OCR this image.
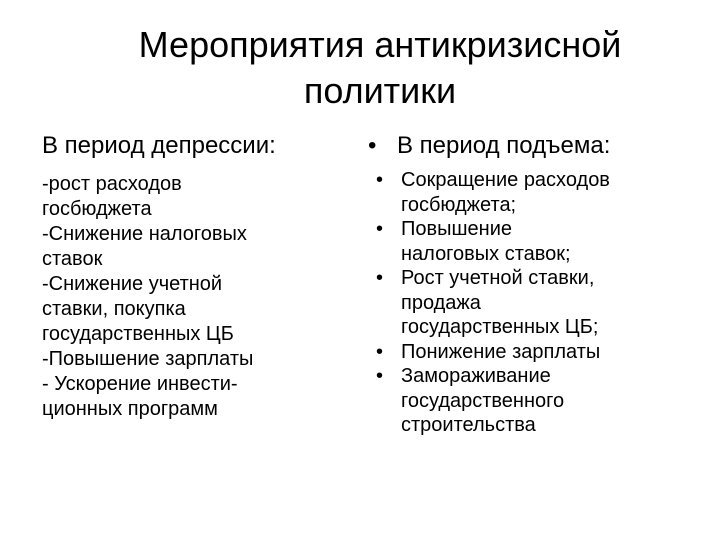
Мероприятия антикризисной
политики
В период депрессии:
-рост расходов
госбюджета
-Снижение налоговых
ставок
-Снижение учетной
ставки, покупка
государственных ЦБ
-Повышение зарплаты
- Ускорение инвести-
ционных программ
• В период подъема:
• Сокращение расходов
госбюджета;
• Повышение
налоговых ставок;
• Рост учетной ставки,
продажа
государственных ЦБ;
• Понижение зарплаты
• Замораживание
государственного
строительства
